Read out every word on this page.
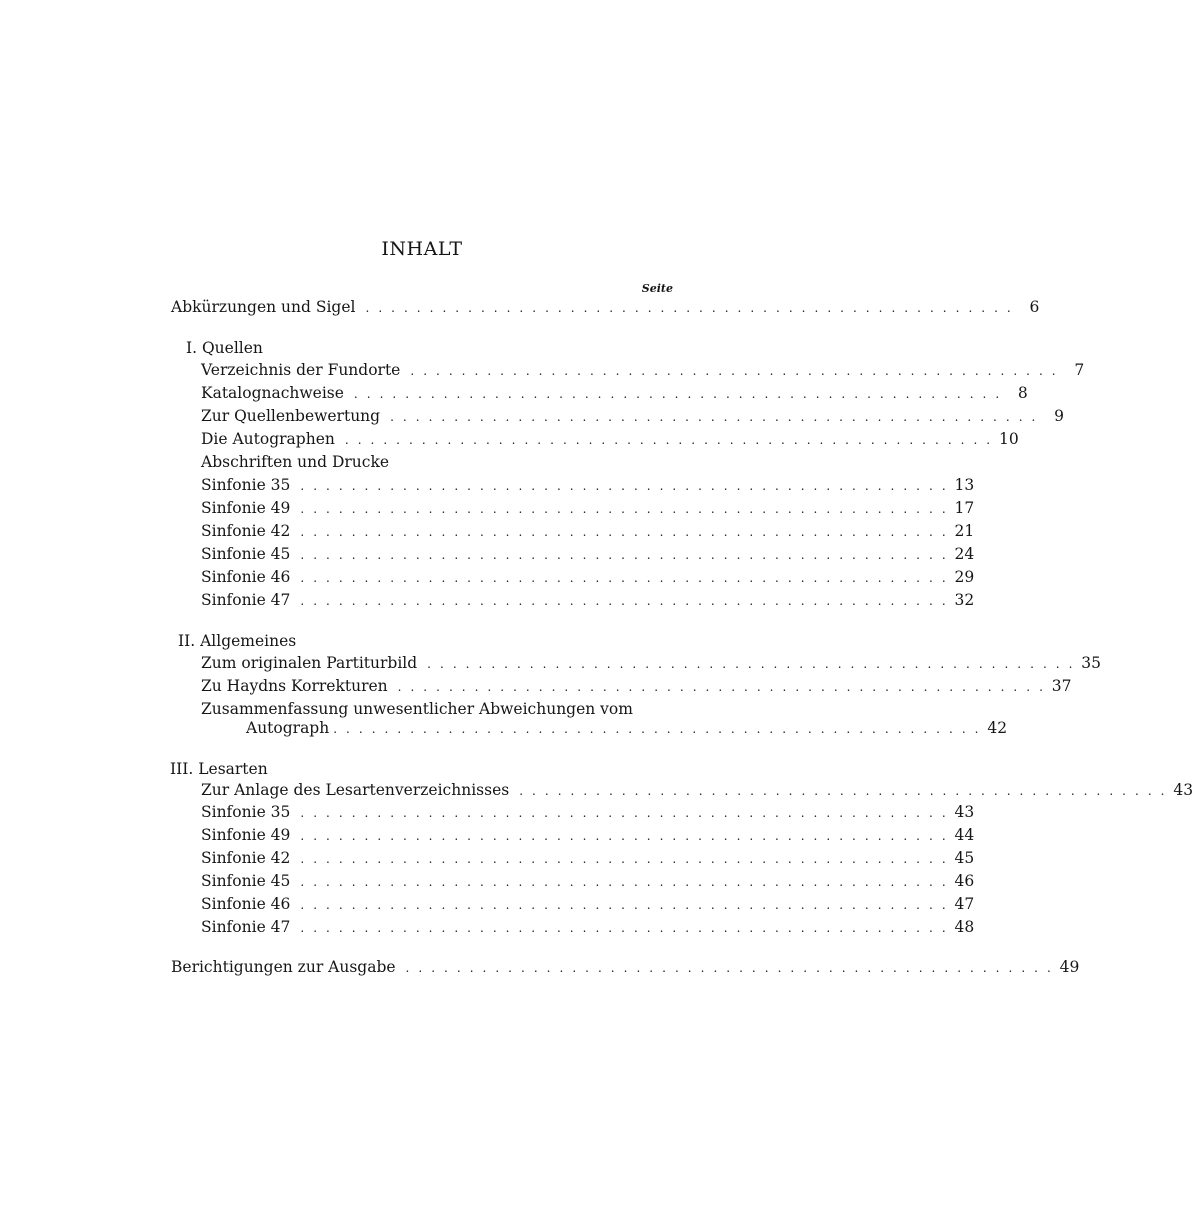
INHALT
Seite
Abkürzungen und Sigel . . . . . . . . . . . . . . . . . . . . . . . . . . . . . . . . . . . . . . . . . . . . . . . . . . .	6
I. Quellen
Verzeichnis der Fundorte . . . . . . . . . . . . . . . . . . . . . . . . . . . . . . . . . . . . . . . . . . . . . . . . . . .	7
Katalognachweise . . . . . . . . . . . . . . . . . . . . . . . . . . . . . . . . . . . . . . . . . . . . . . . . . . .	8
Zur Quellenbewertung . . . . . . . . . . . . . . . . . . . . . . . . . . . . . . . . . . . . . . . . . . . . . . . . . . .	9
Die Autographen . . . . . . . . . . . . . . . . . . . . . . . . . . . . . . . . . . . . . . . . . . . . . . . . . . . 10
Abschriften und Drucke
Sinfonie 35 . . . . . . . . . . . . . . . . . . . . . . . . . . . . . . . . . . . . . . . . . . . . . . . . . . . 13
Sinfonie 49 . . . . . . . . . . . . . . . . . . . . . . . . . . . . . . . . . . . . . . . . . . . . . . . . . . . 17
Sinfonie 42 . . . . . . . . . . . . . . . . . . . . . . . . . . . . . . . . . . . . . . . . . . . . . . . . . . . 21
Sinfonie 45 . . . . . . . . . . . . . . . . . . . . . . . . . . . . . . . . . . . . . . . . . . . . . . . . . . . 24
Sinfonie 46 . . . . . . . . . . . . . . . . . . . . . . . . . . . . . . . . . . . . . . . . . . . . . . . . . . . 29
Sinfonie 47 . . . . . . . . . . . . . . . . . . . . . . . . . . . . . . . . . . . . . . . . . . . . . . . . . . . 32
II. Allgemeines
Zum originalen Partiturbild . . . . . . . . . . . . . . . . . . . . . . . . . . . . . . . . . . . . . . . . . . . . . . . . . . . 35
Zu Haydns Korrekturen . . . . . . . . . . . . . . . . . . . . . . . . . . . . . . . . . . . . . . . . . . . . . . . . . . . 37
Zusammenfassung unwesentlicher Abweichungen vom
Autograph . . . . . . . . . . . . . . . . . . . . . . . . . . . . . . . . . . . . . . . . . . . . . . . . . . . 42
III. Lesarten
Zur Anlage des Lesartenverzeichnisses . . . . . . . . . . . . . . . . . . . . . . . . . . . . . . . . . . . . . . . . . . . . . . . . . . . 43
Sinfonie 35 . . . . . . . . . . . . . . . . . . . . . . . . . . . . . . . . . . . . . . . . . . . . . . . . . . . 43
Sinfonie 49 . . . . . . . . . . . . . . . . . . . . . . . . . . . . . . . . . . . . . . . . . . . . . . . . . . . 44
Sinfonie 42 . . . . . . . . . . . . . . . . . . . . . . . . . . . . . . . . . . . . . . . . . . . . . . . . . . . 45
Sinfonie 45 . . . . . . . . . . . . . . . . . . . . . . . . . . . . . . . . . . . . . . . . . . . . . . . . . . . 46
Sinfonie 46 . . . . . . . . . . . . . . . . . . . . . . . . . . . . . . . . . . . . . . . . . . . . . . . . . . . 47
Sinfonie 47 . . . . . . . . . . . . . . . . . . . . . . . . . . . . . . . . . . . . . . . . . . . . . . . . . . . 48
Berichtigungen zur Ausgabe . . . . . . . . . . . . . . . . . . . . . . . . . . . . . . . . . . . . . . . . . . . . . . . . . . . 49
